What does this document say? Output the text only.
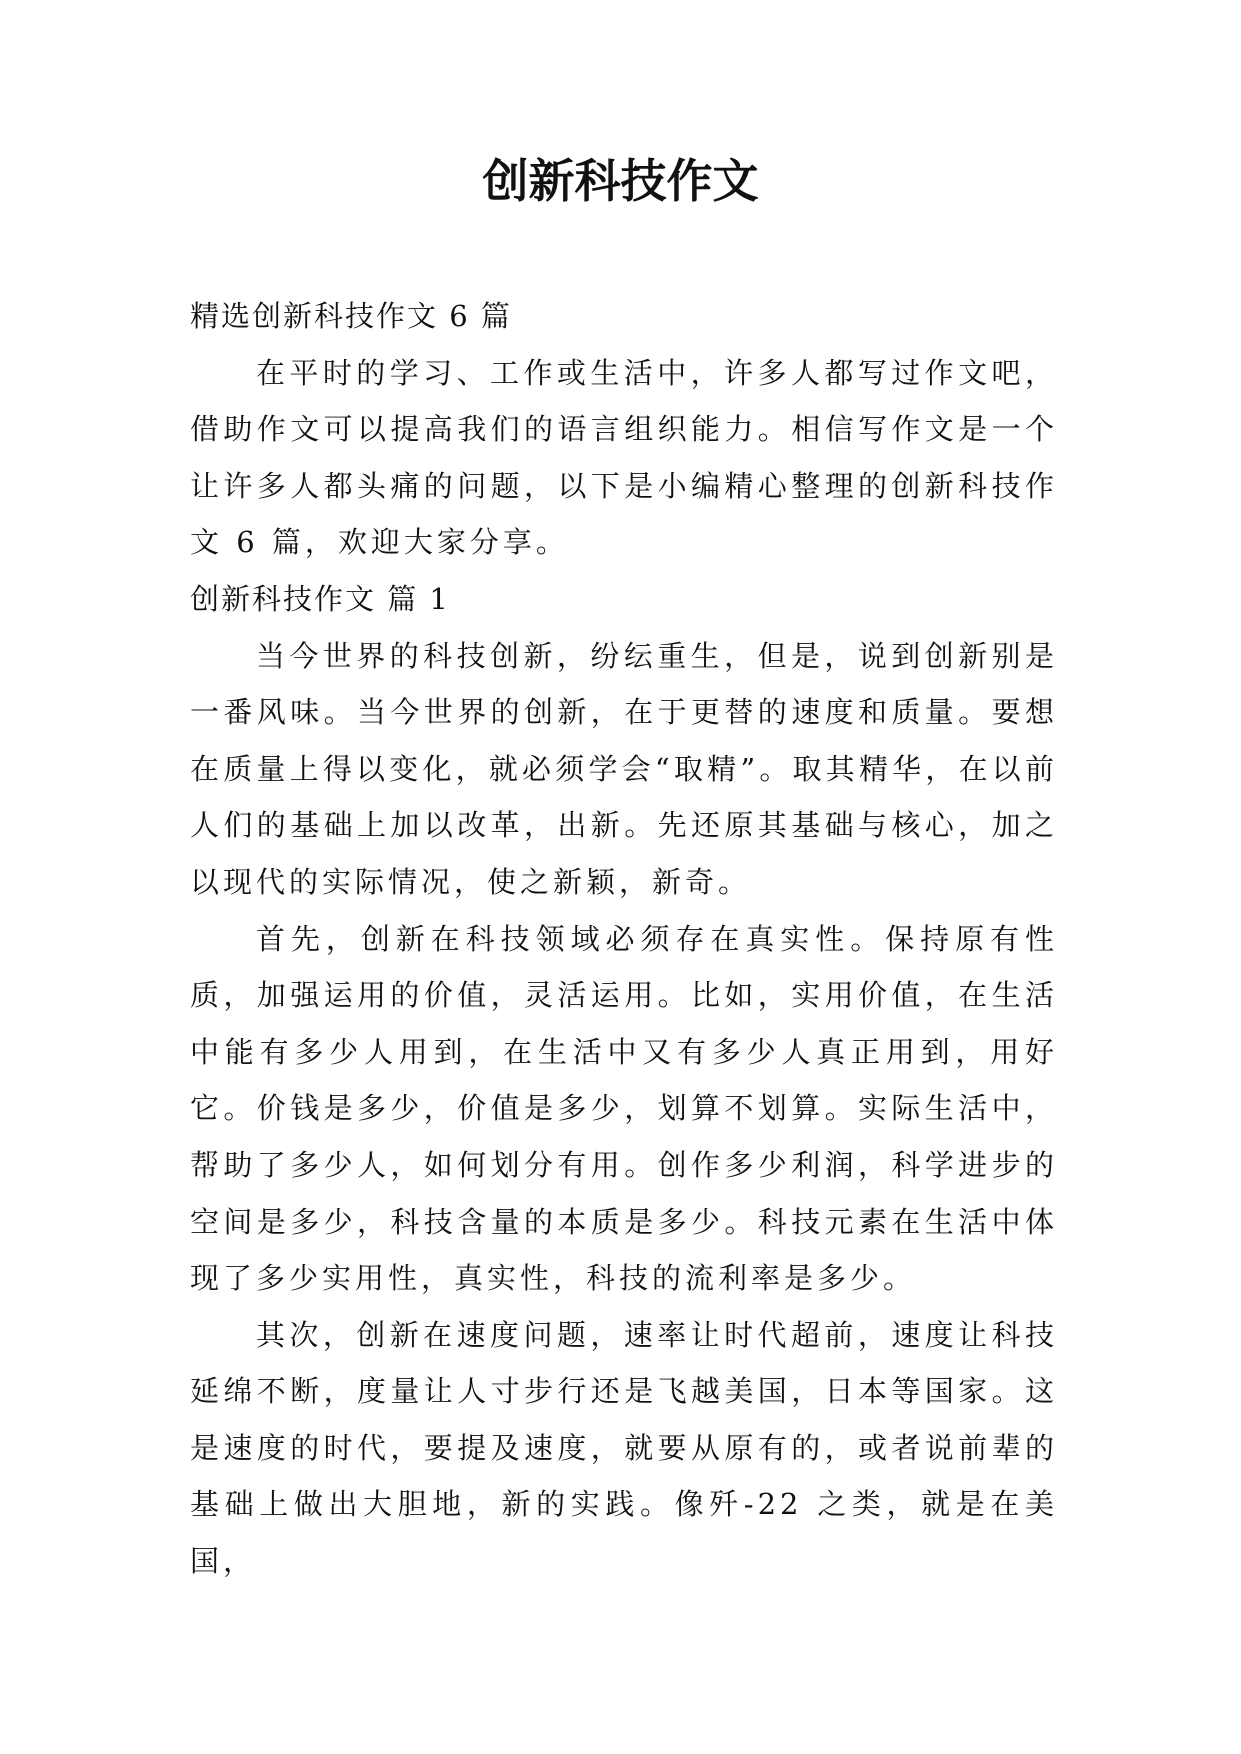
创新科技作文

精选创新科技作文 6 篇

在平时的学习、工作或生活中，许多人都写过作文吧，借助作文可以提高我们的语言组织能力。相信写作文是一个让许多人都头痛的问题，以下是小编精心整理的创新科技作文 6 篇，欢迎大家分享。

创新科技作文 篇 1

当今世界的科技创新，纷纭重生，但是，说到创新别是一番风味。当今世界的创新，在于更替的速度和质量。要想在质量上得以变化，就必须学会“取精”。取其精华，在以前人们的基础上加以改革，出新。先还原其基础与核心，加之以现代的实际情况，使之新颖，新奇。

首先，创新在科技领域必须存在真实性。保持原有性质，加强运用的价值，灵活运用。比如，实用价值，在生活中能有多少人用到，在生活中又有多少人真正用到，用好它。价钱是多少，价值是多少，划算不划算。实际生活中，帮助了多少人，如何划分有用。创作多少利润，科学进步的空间是多少，科技含量的本质是多少。科技元素在生活中体现了多少实用性，真实性，科技的流利率是多少。

其次，创新在速度问题，速率让时代超前，速度让科技延绵不断，度量让人寸步行还是飞越美国，日本等国家。这是速度的时代，要提及速度，就要从原有的，或者说前辈的基础上做出大胆地，新的实践。像歼-22 之类，就是在美国，
